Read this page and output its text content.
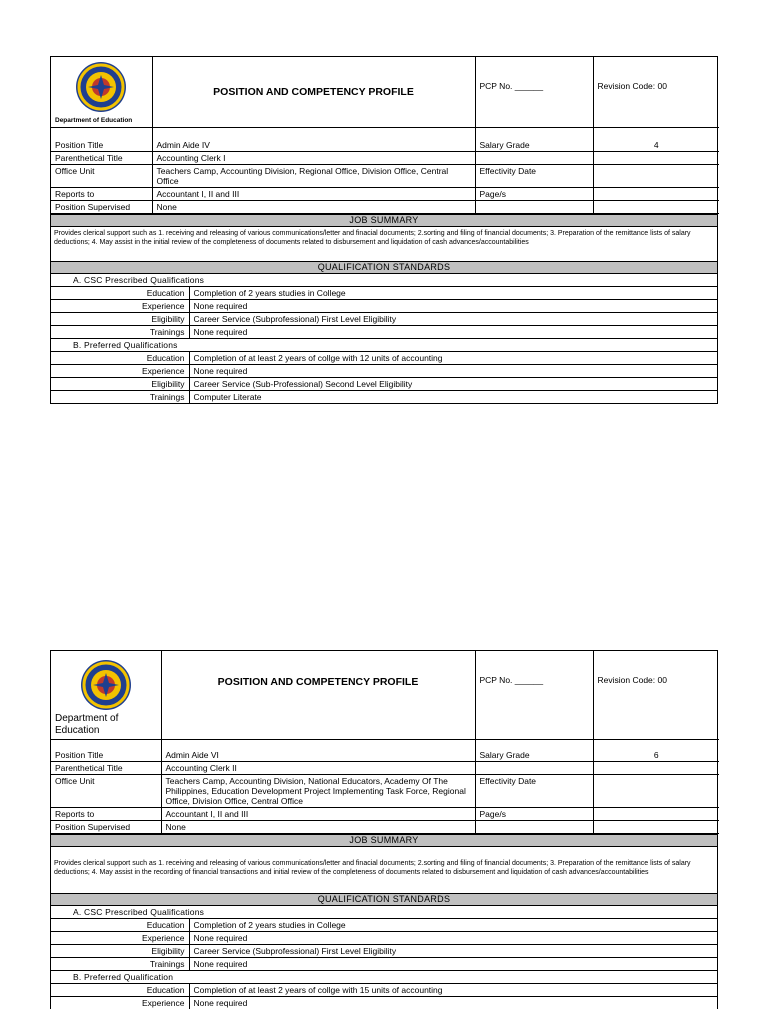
Department of Education
	POSITION AND COMPETENCY PROFILE	PCP No. ______	Revision Code: 00
Position Title	Admin Aide IV	Salary Grade	4
Parenthetical Title	Accounting Clerk I		
Office Unit	Teachers Camp, Accounting Division, Regional Office, Division Office, Central Office	Effectivity Date	
Reports to	Accountant I, II and III	Page/s	
Position Supervised	None		
JOB SUMMARY
Provides clerical support such as 1. receiving and releasing of various communications/letter and finacial documents; 2.sorting and filing of financial documents; 3. Preparation of the remittance lists of salary deductions; 4. May assist in the initial review of the completeness of documents related to disbursement and liquidation of cash advances/accountabilities
QUALIFICATION STANDARDS
A. CSC Prescribed Qualifications	
Education	Completion of 2 years studies in College
Experience	None required
Eligibility	Career Service (Subprofessional) First Level Eligibility
Trainings	None required
B. Preferred Qualifications	
Education	Completion of at least 2 years of collge with 12 units of accounting
Experience	None required
Eligibility	Career Service (Sub-Professional) Second Level Eligibility
Trainings	Computer Literate
Department of Education
	POSITION AND COMPETENCY PROFILE	PCP No. ______	Revision Code: 00
Position Title	Admin Aide VI	Salary Grade	6
Parenthetical Title	Accounting Clerk II		
Office Unit	Teachers Camp, Accounting Division, National Educators, Academy Of The Philippines, Education Development Project Implementing Task Force, Regional Office, Division Office, Central Office	Effectivity Date	
Reports to	Accountant I, II and III	Page/s	
Position Supervised	None		
JOB SUMMARY
Provides clerical support such as 1. receiving and releasing of various communications/letter and finacial documents; 2.sorting and filing of financial documents; 3. Preparation of the remittance lists of salary deductions; 4. May assist in the recording of financial transactions and initial review of the completeness of documents related to disbursement and liquidation of cash advances/accountabilities
QUALIFICATION STANDARDS
A. CSC Prescribed Qualifications	
Education	Completion of 2 years studies in College
Experience	None required
Eligibility	Career Service (Subprofessional) First Level Eligibility
Trainings	None required
B. Preferred Qualification	
Education	Completion of at least 2 years of collge with 15 units of accounting
Experience	None required
